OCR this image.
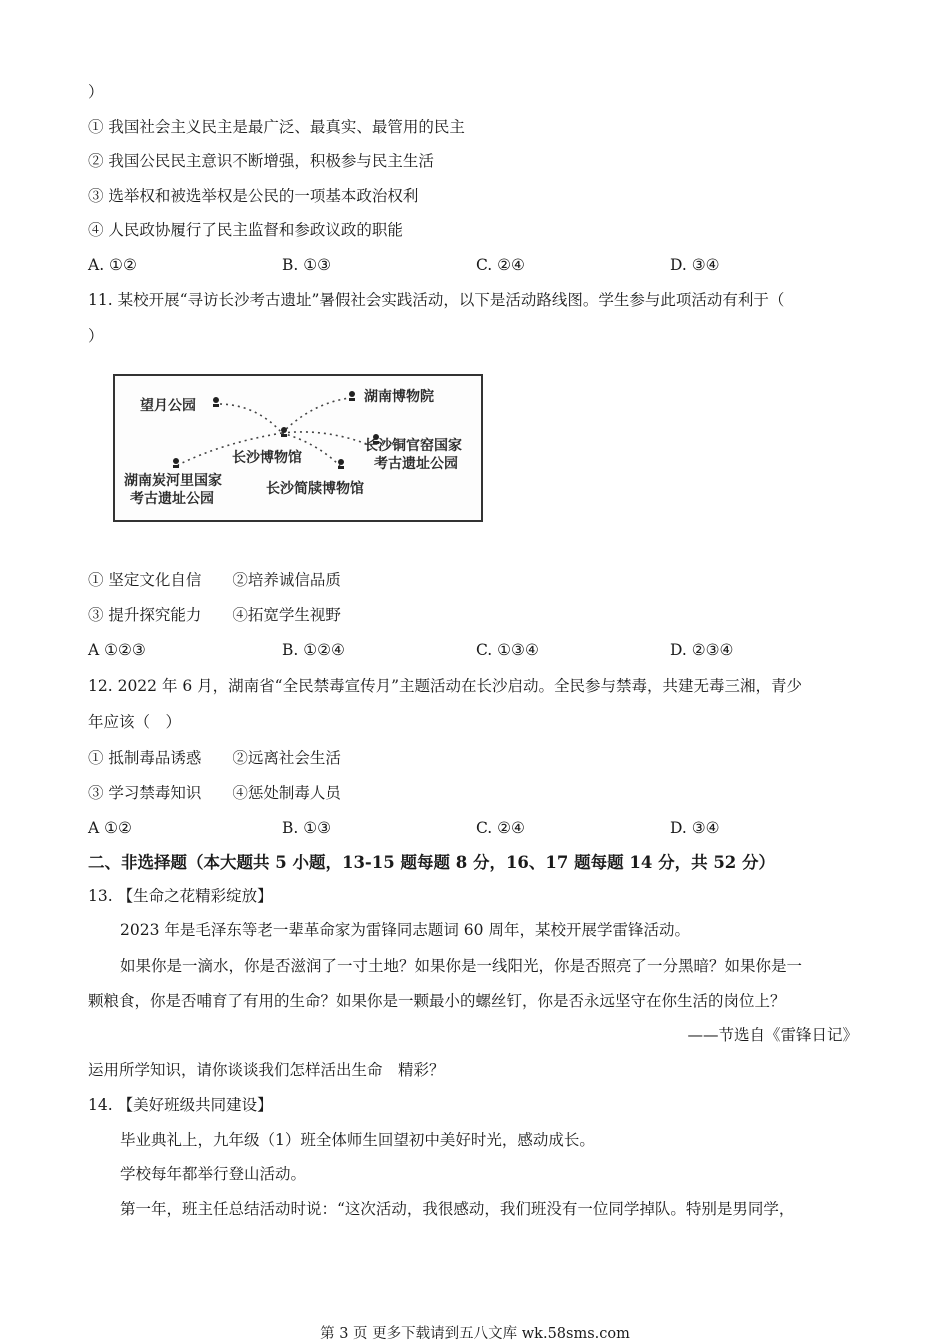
）
① 我国社会主义民主是最广泛、最真实、最管用的民主
② 我国公民民主意识不断增强，积极参与民主生活
③ 选举权和被选举权是公民的一项基本政治权利
④ 人民政协履行了民主监督和参政议政的职能
A. ①②	B. ①③	C. ②④	D. ③④
11. 某校开展“寻访长沙考古遗址”暑假社会实践活动，以下是活动路线图。学生参与此项活动有利于（
）
望月公园
湖南博物院
长沙博物馆
长沙铜官窑国家
考古遗址公园
湖南炭河里国家
考古遗址公园
长沙简牍博物馆
① 坚定文化自信　　②培养诚信品质
③ 提升探究能力　　④拓宽学生视野
A ①②③	B. ①②④	C. ①③④	D. ②③④
12. 2022 年 6 月，湖南省“全民禁毒宣传月”主题活动在长沙启动。全民参与禁毒，共建无毒三湘，青少
年应该（　）
① 抵制毒品诱惑　　②远离社会生活
③ 学习禁毒知识　　④惩处制毒人员
A ①②	B. ①③	C. ②④	D. ③④
二、非选择题（本大题共 5 小题，13-15 题每题 8 分，16、17 题每题 14 分，共 52 分）
13. 【生命之花精彩绽放】
2023 年是毛泽东等老一辈革命家为雷锋同志题词 60 周年，某校开展学雷锋活动。
如果你是一滴水，你是否滋润了一寸土地？如果你是一线阳光，你是否照亮了一分黑暗？如果你是一
颗粮食，你是否哺育了有用的生命？如果你是一颗最小的螺丝钉，你是否永远坚守在你生活的岗位上？
——节选自《雷锋日记》
运用所学知识，请你谈谈我们怎样活出生命　精彩？
14. 【美好班级共同建设】
毕业典礼上，九年级（1）班全体师生回望初中美好时光，感动成长。
学校每年都举行登山活动。
第一年，班主任总结活动时说：“这次活动，我很感动，我们班没有一位同学掉队。特别是男同学，
第 3 页 更多下载请到五八文库 wk.58sms.com
